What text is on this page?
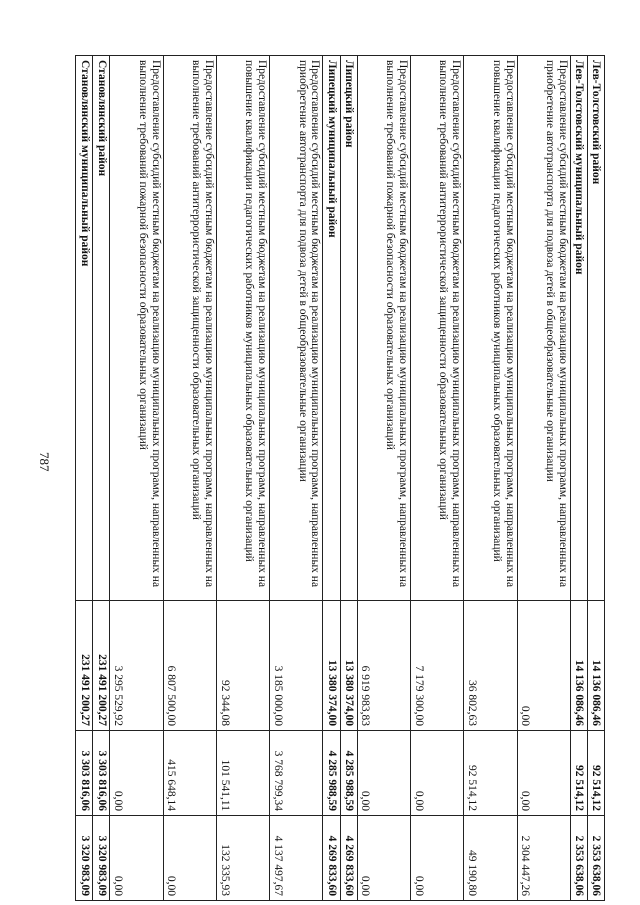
787
Лев-Толстовский район	14 136 086,46	92 514,12	2 353 638,06
Лев-Толстовский муниципальный район	14 136 086,46	92 514,12	2 353 638,06
Предоставление субсидий местным бюджетам на реализацию муниципальных программ, направленных на приобретение автотранспорта для подвоза детей в общеобразовательные организации	0,00	0,00	2 304 447,26
Предоставление субсидий местным бюджетам на реализацию муниципальных программ, направленных на повышение квалификации педагогических работников муниципальных образовательных организаций	36 802,63	92 514,12	49 190,80
Предоставление субсидий местным бюджетам на реализацию муниципальных программ, направленных на выполнение требований антитеррористической защищенности образовательных организаций	7 179 300,00	0,00	0,00
Предоставление субсидий местным бюджетам на реализацию муниципальных программ, направленных на выполнение требований пожарной безопасности образовательных организаций	6 919 983,83	0,00	0,00
Липецкий район	13 380 374,00	4 285 988,59	4 269 833,60
Липецкий муниципальный район	13 380 374,00	4 285 988,59	4 269 833,60
Предоставление субсидий местным бюджетам на реализацию муниципальных программ, направленных на приобретение автотранспорта для подвоза детей в общеобразовательные организации	3 185 000,00	3 768 799,34	4 137 497,67
Предоставление субсидий местным бюджетам на реализацию муниципальных программ, направленных на повышение квалификации педагогических работников муниципальных образовательных организаций	92 344,08	101 541,11	132 335,93
Предоставление субсидий местным бюджетам на реализацию муниципальных программ, направленных на выполнение требований антитеррористической защищенности образовательных организаций	6 807 500,00	415 648,14	0,00
Предоставление субсидий местным бюджетам на реализацию муниципальных программ, направленных на выполнение требований пожарной безопасности образовательных организаций	3 295 529,92	0,00	0,00
Становлянский район	231 491 200,27	3 303 816,06	3 320 983,09
Становлянский муниципальный район	231 491 200,27	3 303 816,06	3 320 983,09
